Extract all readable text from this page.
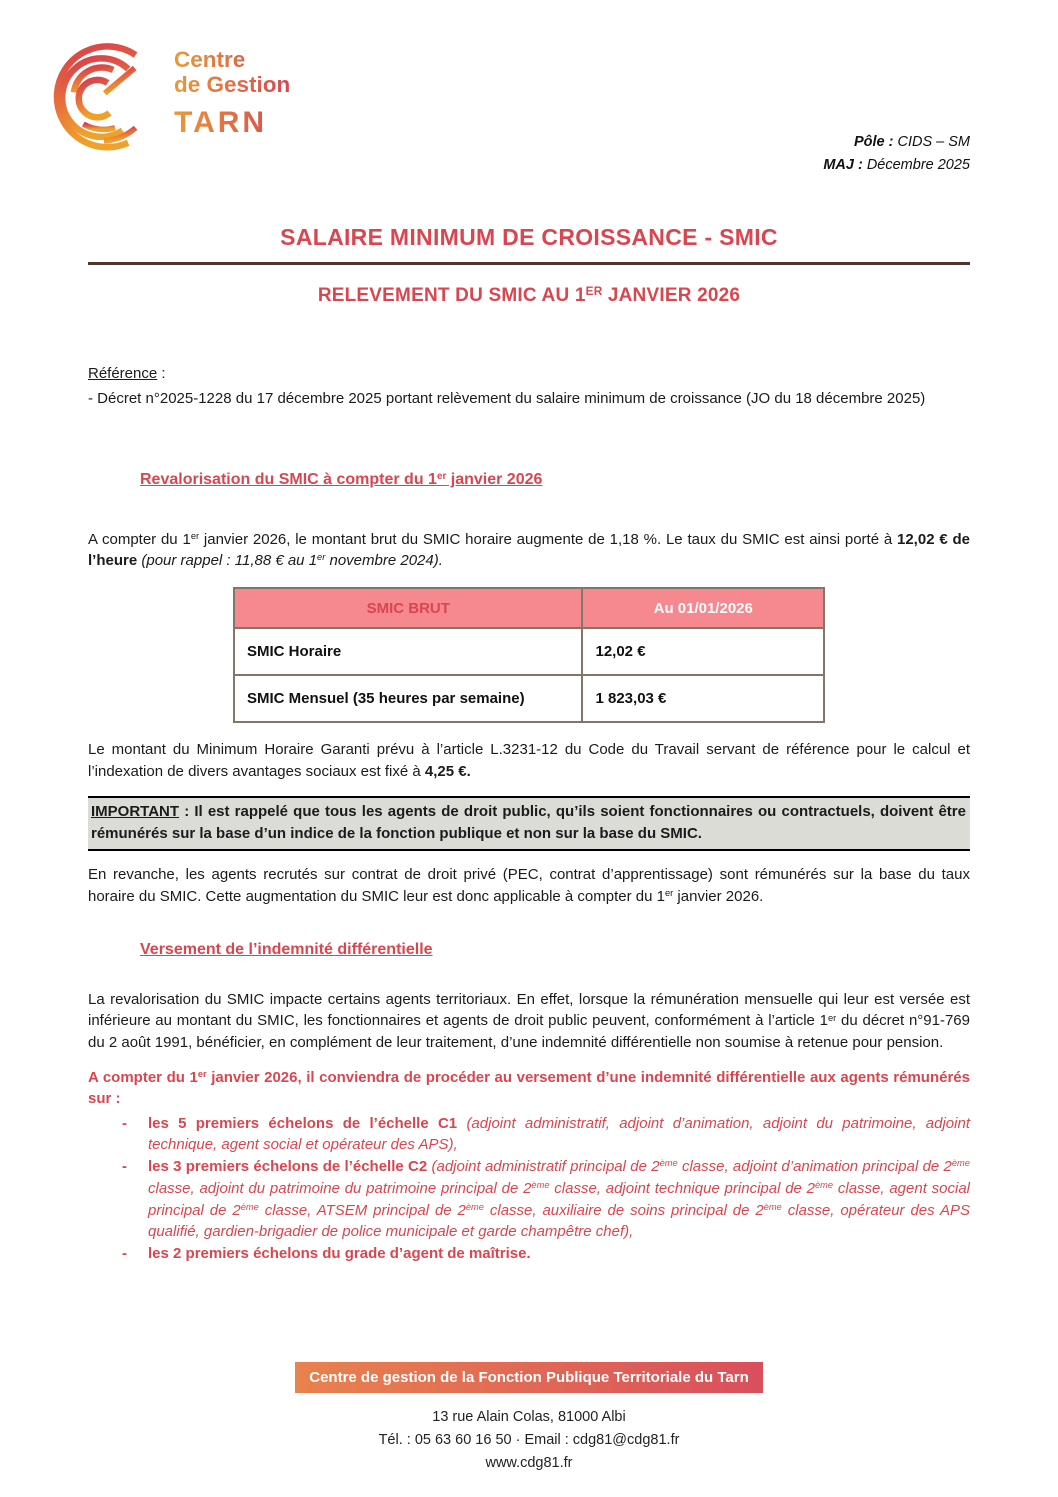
Centre
de Gestion
TARN
Pôle : CIDS – SM
MAJ : Décembre 2025
SALAIRE MINIMUM DE CROISSANCE - SMIC
RELEVEMENT DU SMIC AU 1ER JANVIER 2026
Référence :
- Décret n°2025-1228 du 17 décembre 2025 portant relèvement du salaire minimum de croissance (JO du 18 décembre 2025)
Revalorisation du SMIC à compter du 1er janvier 2026

A compter du 1er janvier 2026, le montant brut du SMIC horaire augmente de 1,18 %. Le taux du SMIC est ainsi porté à 12,02 € de l’heure (pour rappel : 11,88 € au 1er novembre 2024).

SMIC BRUT	Au 01/01/2026
SMIC Horaire	12,02 €
SMIC Mensuel (35 heures par semaine)	1 823,03 €

Le montant du Minimum Horaire Garanti prévu à l’article L.3231-12 du Code du Travail servant de référence pour le calcul et l’indexation de divers avantages sociaux est fixé à 4,25 €.

IMPORTANT : Il est rappelé que tous les agents de droit public, qu’ils soient fonctionnaires ou contractuels, doivent être rémunérés sur la base d’un indice de la fonction publique et non sur la base du SMIC.

En revanche, les agents recrutés sur contrat de droit privé (PEC, contrat d’apprentissage) sont rémunérés sur la base du taux horaire du SMIC. Cette augmentation du SMIC leur est donc applicable à compter du 1er janvier 2026.

Versement de l’indemnité différentielle

La revalorisation du SMIC impacte certains agents territoriaux. En effet, lorsque la rémunération mensuelle qui leur est versée est inférieure au montant du SMIC, les fonctionnaires et agents de droit public peuvent, conformément à l’article 1er du décret n°91-769 du 2 août 1991, bénéficier, en complément de leur traitement, d’une indemnité différentielle non soumise à retenue pour pension.

A compter du 1er janvier 2026, il conviendra de procéder au versement d’une indemnité différentielle aux agents rémunérés sur :

- les 5 premiers échelons de l’échelle C1 (adjoint administratif, adjoint d’animation, adjoint du patrimoine, adjoint technique, agent social et opérateur des APS),
- les 3 premiers échelons de l’échelle C2 (adjoint administratif principal de 2ème classe, adjoint d’animation principal de 2ème classe, adjoint du patrimoine du patrimoine principal de 2ème classe, adjoint technique principal de 2ème classe, agent social principal de 2ème classe, ATSEM principal de 2ème classe, auxiliaire de soins principal de 2ème classe, opérateur des APS qualifié, gardien-brigadier de police municipale et garde champêtre chef),
- les 2 premiers échelons du grade d’agent de maîtrise.
Centre de gestion de la Fonction Publique Territoriale du Tarn
13 rue Alain Colas, 81000 Albi
Tél. : 05 63 60 16 50 · Email : cdg81@cdg81.fr
www.cdg81.fr
